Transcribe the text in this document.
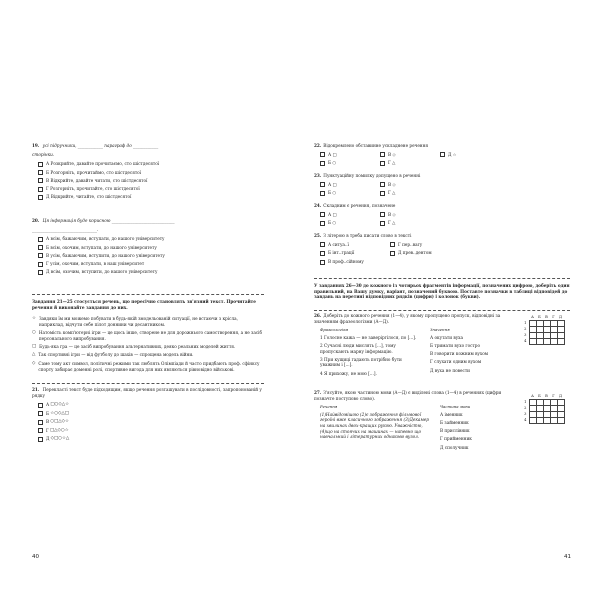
19. усі підручники, ____________ параграф до ____________
сторінки.
А Розкрийте, давайте прочитаємо, сто шістдесятої
Б Розгорніть, прочитаймо, сто шістдесятої
В Відкрийте, давайте читати, сто шістдесятої
Г Розгорніть, прочитайте, сто шістдесятої
Д Відкрийте, читайте, сто шістдесятої
20. Ця інформація буде корисною ______________________________
_______________________________.
А всім, бажаючим, вступати, до нашого університету
Б всім, охочим, вступати, до нашого університету
В усім, бажаючим, вступити, до нашого університету
Г усім, охочим, вступати, в наш університет
Д всім, охочим, вступити, до нашого університету
Завдання 21—25 стосується речень, що пересічно становлять зв'язний текст. Прочитайте речення й виконайте завдання до них.
☆ Завдяки їм ми можемо побувати в будь-якій змодельованій ситуації, не встаючи з крісла, наприклад, відчути себе пілот доннини чи десантником.
○ Натомість комп'ютерні ігри — це щось інше, створене не для дорожнього самостворення, а не засіб персонального випробування.
□ Будь-яка гра — це засіб випробування альтернативних, деяко реальних моделей життя.
△ Так спортивні ігри — від футболу до шахів — спрощена модель війни.
◇ Саме тому акт символ, політичні режими так люблять Олімпіади й часто придбають проф. сфінксу спорту забирає доменні ролі, спортивне вигода для них являються рівновідно військові.
21. Перекласті текст буде підходящим, якщо речення розташувати в послідовності, запропонованій у рядку
А □○◇△☆
Б ☆○◇△□
В ○□△◇☆
Г □△◇○☆
Д ◇□○☆△
40
22. Відокремлено обставинне ускладнене речення
А □	В ◇	Д ☆
Б ○	Г △
23. Пунктуаційну помилку допущено в реченні
А □	В ◇
Б ○	Г △
24. Складним є речення, позначене
А □	В ◇
Б ○	Г △
25. З літерою в треба писати слово в тексті
А ситуа..ї	Г пер..вагу
Б інт..грації	Д прев..дентом
В проф..сійному
У завданнях 26—30 до кожного із чотирьох фрагментів інформації, позначених цифрою, доберіть один правильний, на Вашу думку, варіант, позначений буквою. Поставте позначки в таблиці відповідей до завдань на перетині відповідних рядків (цифри) і колонок (букви).
26. Доберіть до кожного речення (1—4), у якому пропущено пропуск, відповідні за значенням фразеологізми (А—Д).
Фразеологізм
1 Голосне кажа — не заверіргілося, по [...].
2 Сучасні люди мислять [...], тому пропускають марну інформацію.
3 При кущиці гадають потрібно бути уважним і [...].
4 Я прихожу, не мою [...].
Значення
А окутати вуха
Б тримати вухо гостро
В говорити кожним вухом
Г слухати одним вухом
Д вуха не повести
	А	Б	В	Г	Д
1					
2					
3					
4					
27. З'ясуйте, якою частиною мови (А—Д) є виділені слова (1—4) в реченнях (цифри позначте поступово слово).
Речення
(1)Найвідомішою (2)є зображення фільмової героїні вже класичного зображення (3)Декамер на хвилинах двох-кращих рукою. Уважністю, (4)що на стоячих на машинах — напевно що навчальний і літературних однаково вузол.
Частина мови
А іменник
Б займенник
В прислівник
Г прийменник
Д сполучник
	А	Б	В	Г	Д
1					
2					
3					
4					
41
